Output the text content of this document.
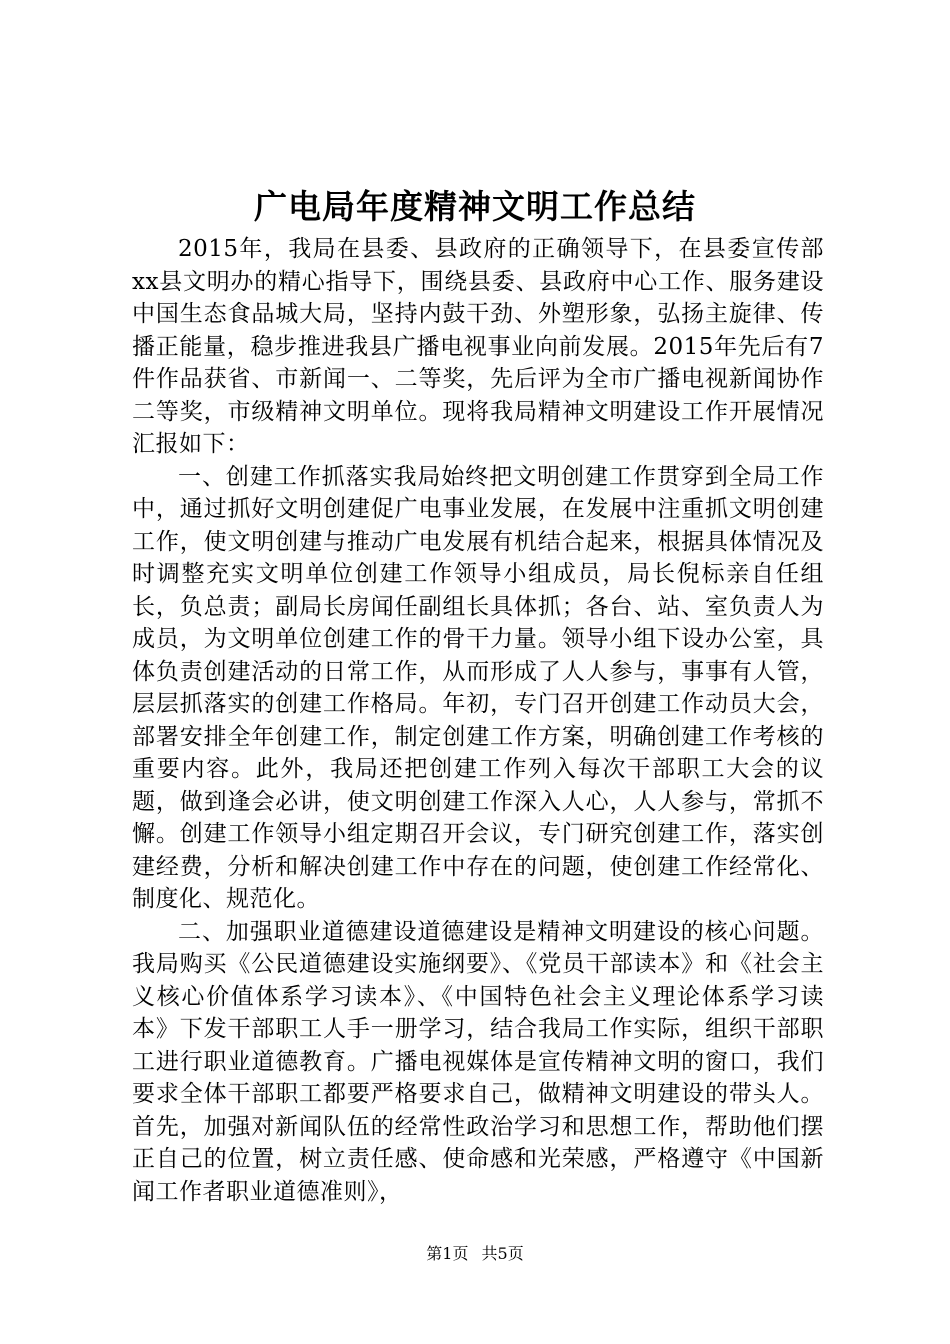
广电局年度精神文明工作总结

2015年，我局在县委、县政府的正确领导下，在县委宣传部xx县文明办的精心指导下，围绕县委、县政府中心工作、服务建设中国生态食品城大局，坚持内鼓干劲、外塑形象，弘扬主旋律、传播正能量，稳步推进我县广播电视事业向前发展。2015年先后有7件作品获省、市新闻一、二等奖，先后评为全市广播电视新闻协作二等奖，市级精神文明单位。现将我局精神文明建设工作开展情况汇报如下：

一、创建工作抓落实我局始终把文明创建工作贯穿到全局工作中，通过抓好文明创建促广电事业发展，在发展中注重抓文明创建工作，使文明创建与推动广电发展有机结合起来，根据具体情况及时调整充实文明单位创建工作领导小组成员，局长倪标亲自任组长，负总责；副局长房闻任副组长具体抓；各台、站、室负责人为成员，为文明单位创建工作的骨干力量。领导小组下设办公室，具体负责创建活动的日常工作，从而形成了人人参与，事事有人管，层层抓落实的创建工作格局。年初，专门召开创建工作动员大会，部署安排全年创建工作，制定创建工作方案，明确创建工作考核的重要内容。此外，我局还把创建工作列入每次干部职工大会的议题，做到逢会必讲，使文明创建工作深入人心，人人参与，常抓不懈。创建工作领导小组定期召开会议，专门研究创建工作，落实创建经费，分析和解决创建工作中存在的问题，使创建工作经常化、制度化、规范化。

二、加强职业道德建设道德建设是精神文明建设的核心问题。我局购买《公民道德建设实施纲要》、《党员干部读本》和《社会主义核心价值体系学习读本》、《中国特色社会主义理论体系学习读本》下发干部职工人手一册学习，结合我局工作实际，组织干部职工进行职业道德教育。广播电视媒体是宣传精神文明的窗口，我们要求全体干部职工都要严格要求自己，做精神文明建设的带头人。首先，加强对新闻队伍的经常性政治学习和思想工作，帮助他们摆正自己的位置，树立责任感、使命感和光荣感，严格遵守《中国新闻工作者职业道德准则》，

第1页 共5页
